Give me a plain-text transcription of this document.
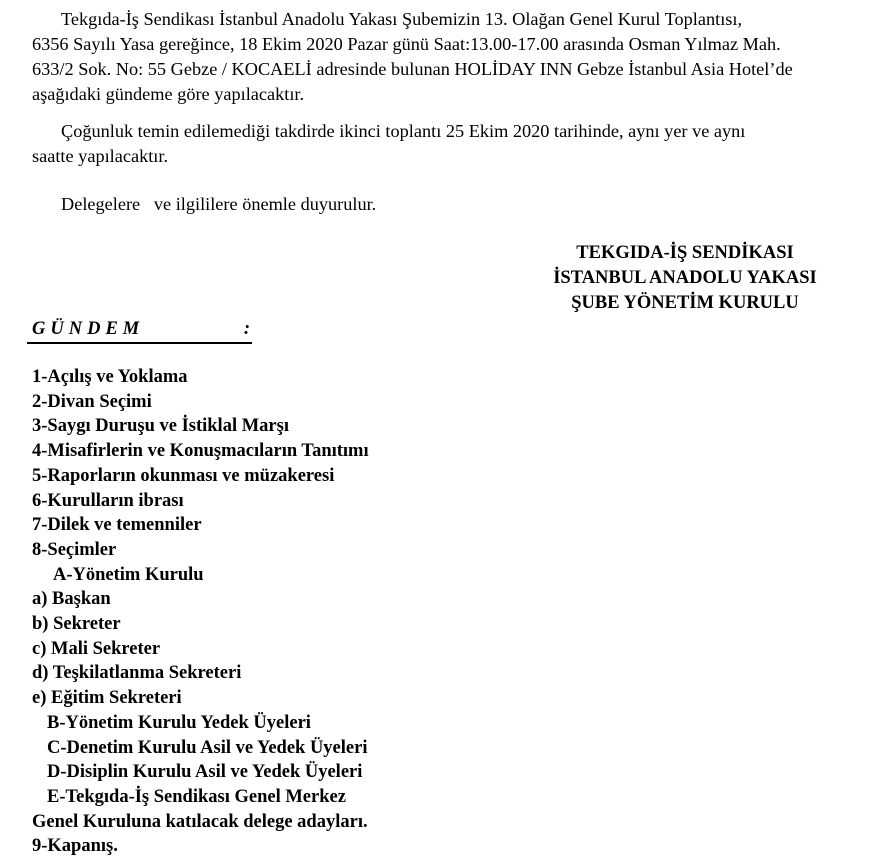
Tekgıda-İş Sendikası İstanbul Anadolu Yakası Şubemizin 13. Olağan Genel Kurul Toplantısı,
6356 Sayılı Yasa gereğince, 18 Ekim 2020 Pazar günü Saat:13.00-17.00 arasında Osman Yılmaz Mah.
633/2 Sok. No: 55 Gebze / KOCAELİ adresinde bulunan HOLİDAY INN Gebze İstanbul Asia Hotel’de
aşağıdaki gündeme göre yapılacaktır.

Çoğunluk temin edilemediği takdirde ikinci toplantı 25 Ekim 2020 tarihinde, aynı yer ve aynı
saatte yapılacaktır.

Delegelere   ve ilgililere önemle duyurulur.

TEKGIDA-İŞ SENDİKASI
İSTANBUL ANADOLU YAKASI
ŞUBE YÖNETİM KURULU
GÜNDEM	:
1-Açılış ve Yoklama
2-Divan Seçimi
3-Saygı Duruşu ve İstiklal Marşı
4-Misafirlerin ve Konuşmacıların Tanıtımı
5-Raporların okunması ve müzakeresi
6-Kurulların ibrası
7-Dilek ve temenniler
8-Seçimler
A-Yönetim Kurulu
a) Başkan
b) Sekreter
c) Mali Sekreter
d) Teşkilatlanma Sekreteri
e) Eğitim Sekreteri
B-Yönetim Kurulu Yedek Üyeleri
C-Denetim Kurulu Asil ve Yedek Üyeleri
D-Disiplin Kurulu Asil ve Yedek Üyeleri
E-Tekgıda-İş Sendikası Genel Merkez
Genel Kuruluna katılacak delege adayları.
9-Kapanış.
